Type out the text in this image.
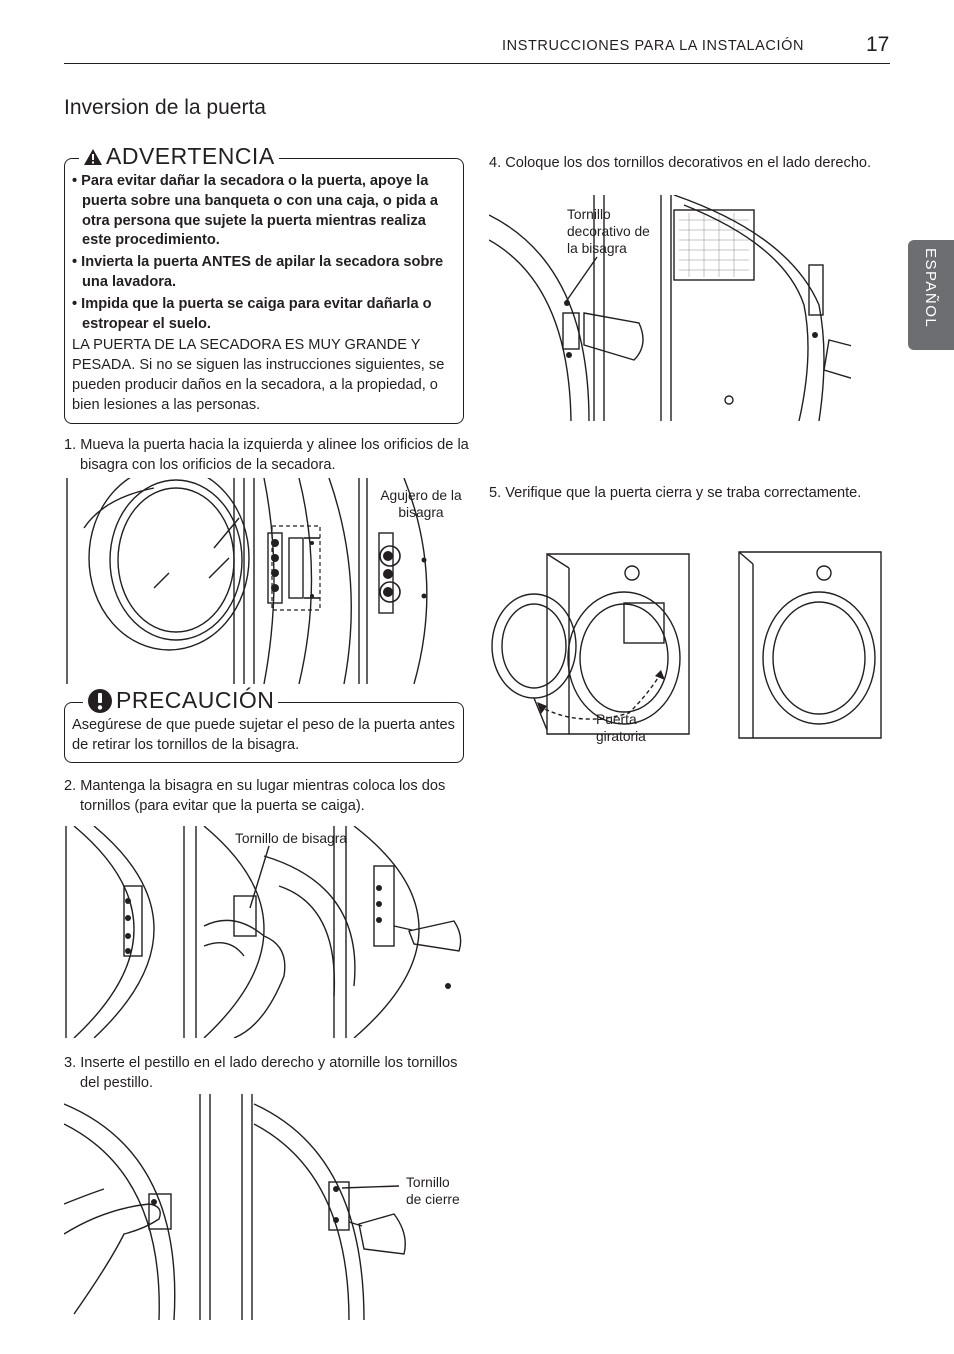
INSTRUCCIONES PARA LA INSTALACIÓN	17
ESPAÑOL
Inversion de la puerta
ADVERTENCIA

• Para evitar dañar la secadora o la puerta, apoye la puerta sobre una banqueta o con una caja, o pida a otra persona que sujete la puerta mientras realiza este procedimiento.

• Invierta la puerta ANTES de apilar la secadora sobre una lavadora.

• Impida que la puerta se caiga para evitar dañarla o estropear el suelo.

LA PUERTA DE LA SECADORA ES MUY GRANDE Y PESADA. Si no se siguen las instrucciones siguientes, se pueden producir daños en la secadora, a la propiedad, o bien lesiones a las personas.

1. Mueva la puerta hacia la izquierda y alinee los orificios de la bisagra con los orificios de la secadora.
Agujero de la bisagra
PRECAUCIÓN

Asegúrese de que puede sujetar el peso de la puerta antes de retirar los tornillos de la bisagra.

2. Mantenga la bisagra en su lugar mientras coloca los dos tornillos (para evitar que la puerta se caiga).
Tornillo de bisagra
3. Inserte el pestillo en el lado derecho y atornille los tornillos del pestillo.
Tornillo de cierre
4. Coloque los dos tornillos decorativos en el lado derecho.
Tornillo decorativo de la bisagra
5. Verifique que la puerta cierra y se traba correctamente.
Puerta giratoria
